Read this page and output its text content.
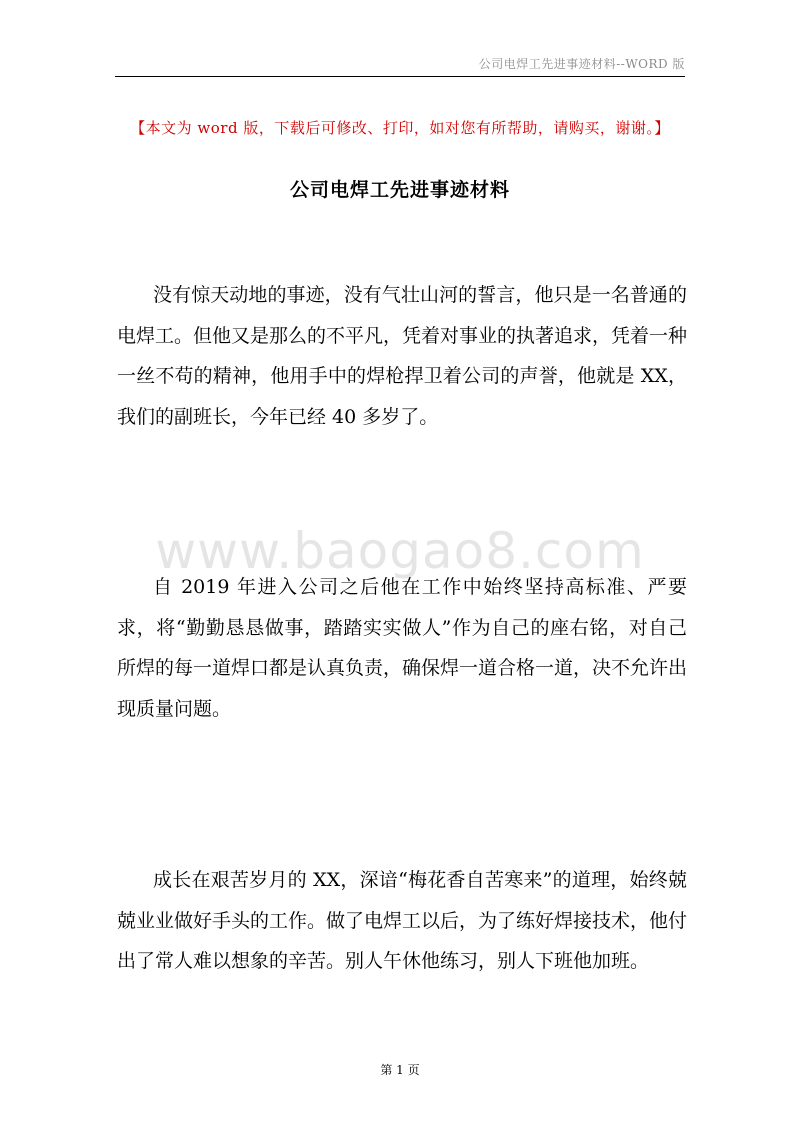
公司电焊工先进事迹材料--WORD 版
【本文为 word 版，下载后可修改、打印，如对您有所帮助，请购买，谢谢。】
公司电焊工先进事迹材料

没有惊天动地的事迹，没有气壮山河的誓言，他只是一名普通的电焊工。但他又是那么的不平凡，凭着对事业的执著追求，凭着一种一丝不苟的精神，他用手中的焊枪捍卫着公司的声誉，他就是 XX，我们的副班长，今年已经 40 多岁了。

www.baogao8.com

自 2019 年进入公司之后他在工作中始终坚持高标准、严要求，将“勤勤恳恳做事，踏踏实实做人”作为自己的座右铭，对自己所焊的每一道焊口都是认真负责，确保焊一道合格一道，决不允许出现质量问题。

成长在艰苦岁月的 XX，深谙“梅花香自苦寒来”的道理，始终兢兢业业做好手头的工作。做了电焊工以后，为了练好焊接技术，他付出了常人难以想象的辛苦。别人午休他练习，别人下班他加班。

第 1 页
